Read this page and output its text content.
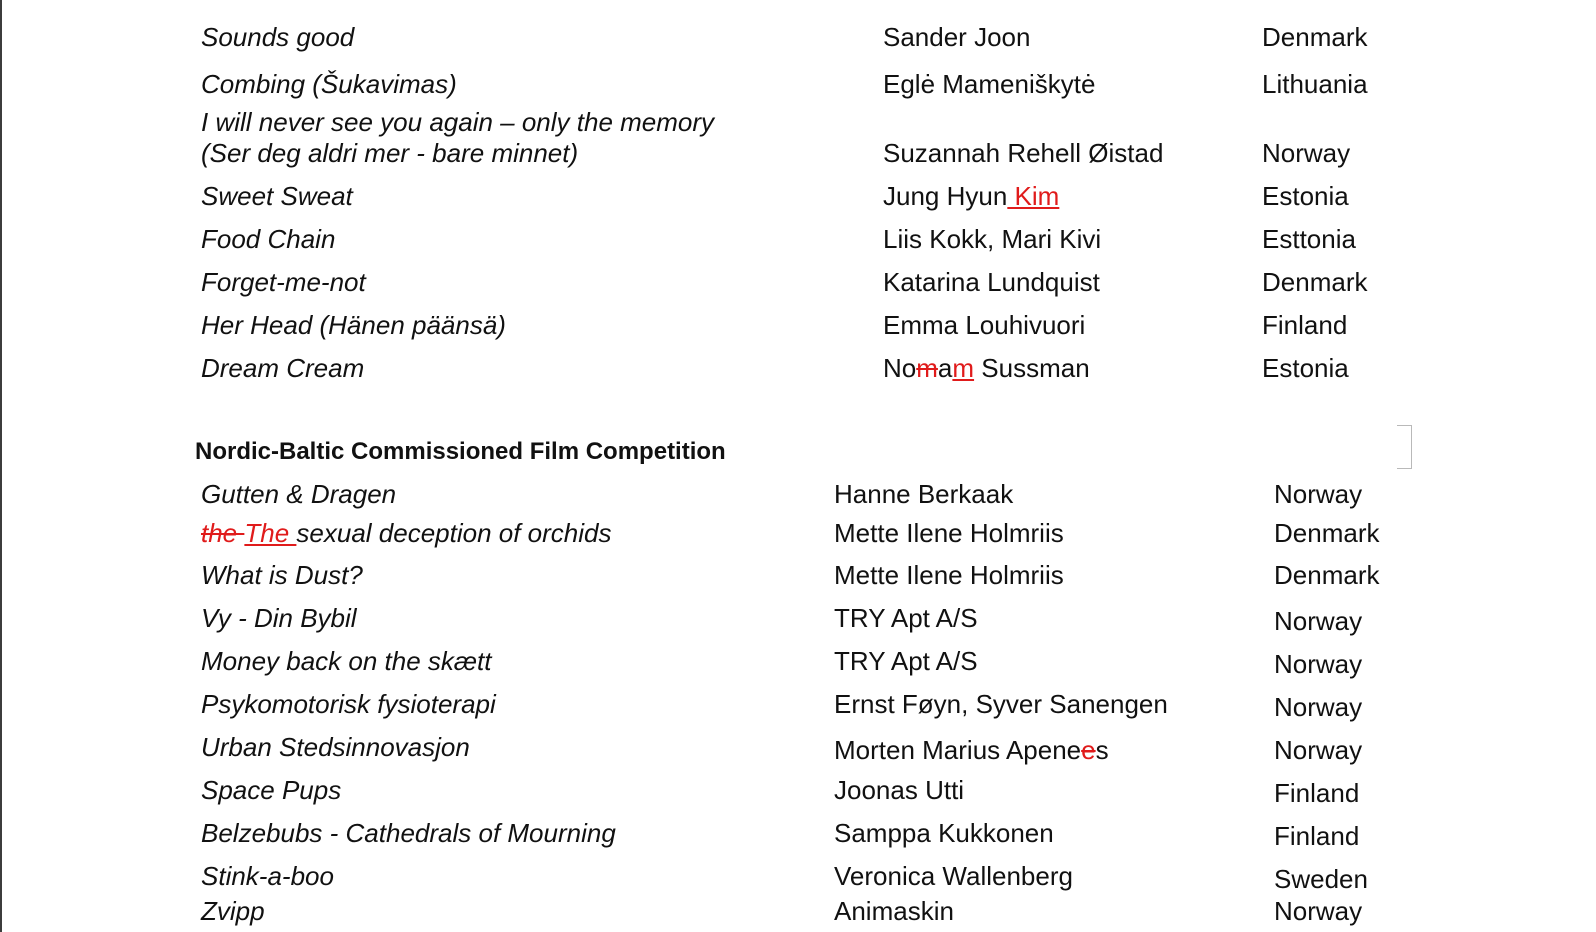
Sounds good	Sander Joon	Denmark
Combing (Šukavimas)	Eglė Mameniškytė	Lithuania
I will never see you again – only the memory
(Ser deg aldri mer - bare minnet)	Suzannah Rehell Øistad	Norway
Sweet Sweat	Jung Hyun Kim	Estonia
Food Chain	Liis Kokk, Mari Kivi	Esttonia
Forget-me-not	Katarina Lundquist	Denmark
Her Head (Hänen päänsä)	Emma Louhivuori	Finland
Dream Cream	Nomam Sussman	Estonia
Nordic-Baltic Commissioned Film Competition
Gutten & Dragen	Hanne Berkaak	Norway
the The sexual deception of orchids	Mette Ilene Holmriis	Denmark
What is Dust?	Mette Ilene Holmriis	Denmark
Vy - Din Bybil	TRY Apt A/S	Norway
Money back on the skætt	TRY Apt A/S	Norway
Psykomotorisk fysioterapi	Ernst Føyn, Syver Sanengen	Norway
Urban Stedsinnovasjon	Morten Marius Apenees	Norway
Space Pups	Joonas Utti	Finland
Belzebubs - Cathedrals of Mourning	Samppa Kukkonen	Finland
Stink-a-boo	Veronica Wallenberg	Sweden
Zvipp	Animaskin	Norway
